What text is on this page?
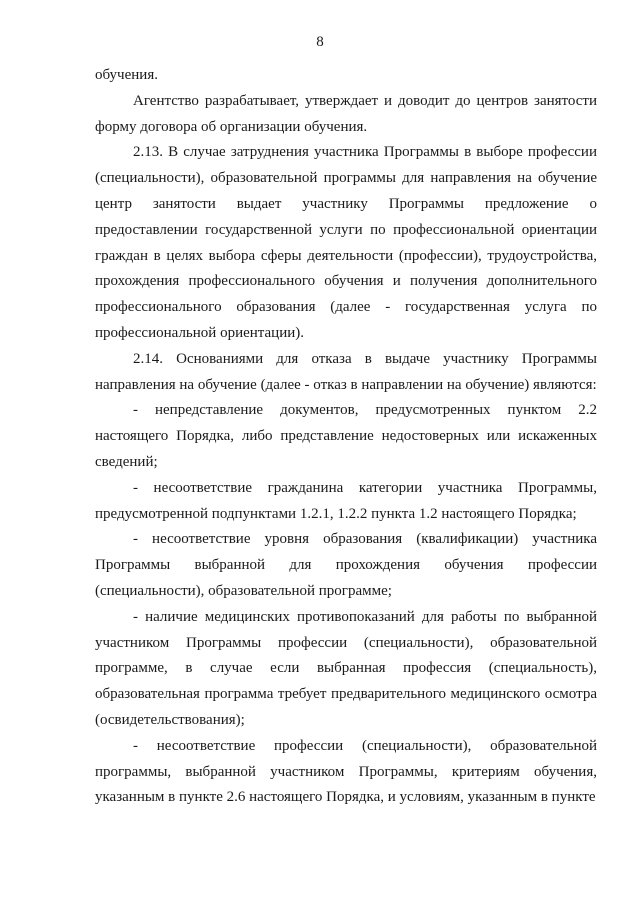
8

обучения.

Агентство разрабатывает, утверждает и доводит до центров занятости форму договора об организации обучения.

2.13. В случае затруднения участника Программы в выборе профессии (специальности), образовательной программы для направления на обучение центр занятости выдает участнику Программы предложение о предоставлении государственной услуги по профессиональной ориентации граждан в целях выбора сферы деятельности (профессии), трудоустройства, прохождения профессионального обучения и получения дополнительного профессионального образования (далее - государственная услуга по профессиональной ориентации).

2.14. Основаниями для отказа в выдаче участнику Программы направления на обучение (далее - отказ в направлении на обучение) являются:

- непредставление документов, предусмотренных пунктом 2.2 настоящего Порядка, либо представление недостоверных или искаженных сведений;

- несоответствие гражданина категории участника Программы, предусмотренной подпунктами 1.2.1, 1.2.2 пункта 1.2 настоящего Порядка;

- несоответствие уровня образования (квалификации) участника Программы выбранной для прохождения обучения профессии (специальности), образовательной программе;

- наличие медицинских противопоказаний для работы по выбранной участником Программы профессии (специальности), образовательной программе, в случае если выбранная профессия (специальность), образовательная программа требует предварительного медицинского осмотра (освидетельствования);

- несоответствие профессии (специальности), образовательной программы, выбранной участником Программы, критериям обучения, указанным в пункте 2.6 настоящего Порядка, и условиям, указанным в пункте
